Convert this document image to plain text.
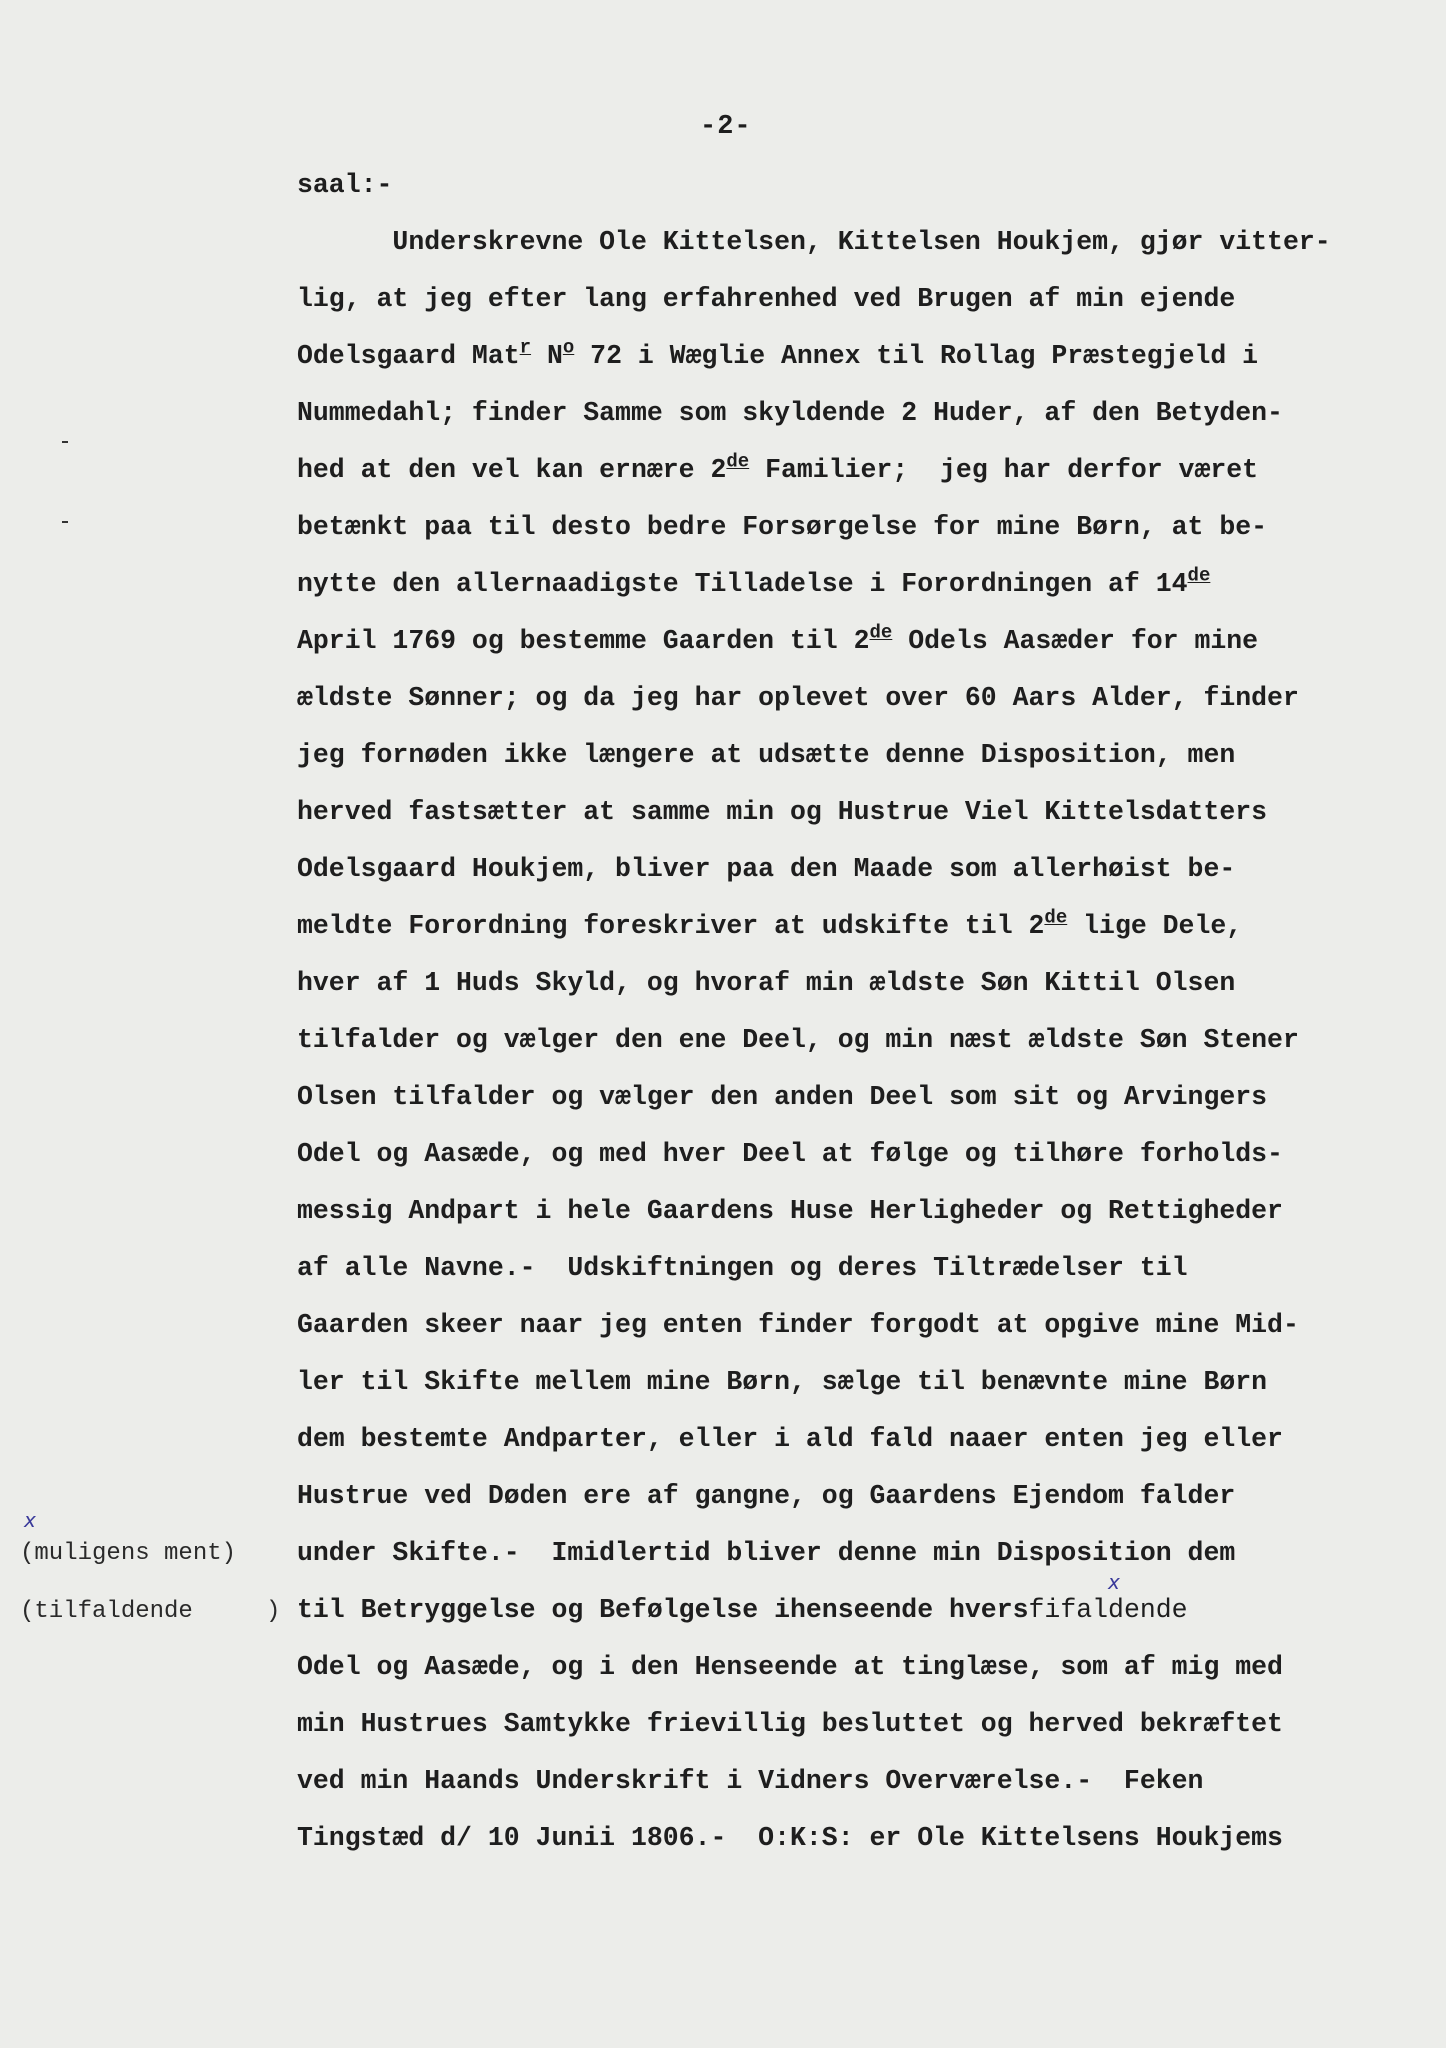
-2-
saal:-
Underskrevne Ole Kittelsen, Kittelsen Houkjem, gjør vitter-
lig, at jeg efter lang erfahrenhed ved Brugen af min ejende
Odelsgaard Mat$^r$ $N^o$ 72 i Wæglie Annex til Rollag Præstegjeld i
Nummedahl; finder Samme som skyldende 2 Huder, af den Betyden-
hed at den vel kan ernære 2de Familier;  jeg har derfor været
betænkt paa til desto bedre Forsørgelse for mine Børn, at be-
nytte den allernaadigste Tilladelse i Forordningen af 14de
April 1769 og bestemme Gaarden til 2de Odels Aasæder for mine
ældste Sønner; og da jeg har oplevet over 60 Aars Alder, finder
jeg fornøden ikke længere at udsætte denne Disposition, men
herved fastsætter at samme min og Hustrue Viel Kittelsdatters
Odelsgaard Houkjem, bliver paa den Maade som allerhøist be-
meldte Forordning foreskriver at udskifte til 2de lige Dele,
hver af 1 Huds Skyld, og hvoraf min ældste Søn Kittil Olsen
tilfalder og vælger den ene Deel, og min næst ældste Søn Stener
Olsen tilfalder og vælger den anden Deel som sit og Arvingers
Odel og Aasæde, og med hver Deel at følge og tilhøre forholds-
messig Andpart i hele Gaardens Huse Herligheder og Rettigheder
af alle Navne.-  Udskiftningen og deres Tiltrædelser til
Gaarden skeer naar jeg enten finder forgodt at opgive mine Mid-
ler til Skifte mellem mine Børn, sælge til benævnte mine Børn
dem bestemte Andparter, eller i ald fald naaer enten jeg eller
Hustrue ved Døden ere af gangne, og Gaardens Ejendom falder
under Skifte.-  Imidlertid bliver denne min Disposition dem
til Betryggelse og Befølgelse ihenseende hversfifaldende
x
Odel og Aasæde, og i den Henseende at tinglæse, som af mig med
min Hustrues Samtykke frievillig besluttet og herved bekræftet
ved min Haands Underskrift i Vidners Overværelse.-  Feken
Tingstæd d/ 10 Junii 1806.-  O:K:S: er Ole Kittelsens Houkjems
x
(muligens ment)
(tilfaldende	)
